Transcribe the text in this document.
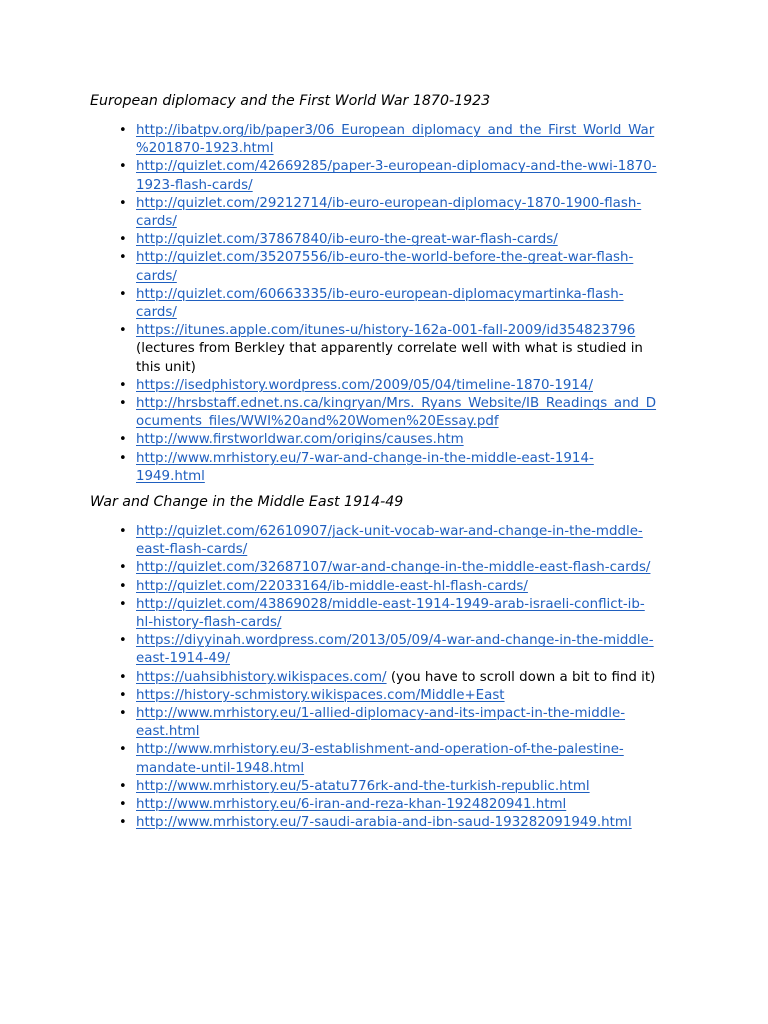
European diplomacy and the First World War 1870-1923
• http://ibatpv.org/ib/paper3/06_European_diplomacy_and_the_First_World_War
%201870-1923.html
• http://quizlet.com/42669285/paper-3-european-diplomacy-and-the-wwi-1870-
1923-flash-cards/
• http://quizlet.com/29212714/ib-euro-european-diplomacy-1870-1900-flash-
cards/
• http://quizlet.com/37867840/ib-euro-the-great-war-flash-cards/
• http://quizlet.com/35207556/ib-euro-the-world-before-the-great-war-flash-
cards/
• http://quizlet.com/60663335/ib-euro-european-diplomacymartinka-flash-
cards/
• https://itunes.apple.com/itunes-u/history-162a-001-fall-2009/id354823796
(lectures from Berkley that apparently correlate well with what is studied in
this unit)
• https://isedphistory.wordpress.com/2009/05/04/timeline-1870-1914/
• http://hrsbstaff.ednet.ns.ca/kingryan/Mrs._Ryans_Website/IB_Readings_and_D
ocuments_files/WWI%20and%20Women%20Essay.pdf
• http://www.firstworldwar.com/origins/causes.htm
• http://www.mrhistory.eu/7-war-and-change-in-the-middle-east-1914-
1949.html
War and Change in the Middle East 1914-49
• http://quizlet.com/62610907/jack-unit-vocab-war-and-change-in-the-mddle-
east-flash-cards/
• http://quizlet.com/32687107/war-and-change-in-the-middle-east-flash-cards/
• http://quizlet.com/22033164/ib-middle-east-hl-flash-cards/
• http://quizlet.com/43869028/middle-east-1914-1949-arab-israeli-conflict-ib-
hl-history-flash-cards/
• https://diyyinah.wordpress.com/2013/05/09/4-war-and-change-in-the-middle-
east-1914-49/
• https://uahsibhistory.wikispaces.com/ (you have to scroll down a bit to find it)
• https://history-schmistory.wikispaces.com/Middle+East
• http://www.mrhistory.eu/1-allied-diplomacy-and-its-impact-in-the-middle-
east.html
• http://www.mrhistory.eu/3-establishment-and-operation-of-the-palestine-
mandate-until-1948.html
• http://www.mrhistory.eu/5-atatu776rk-and-the-turkish-republic.html
• http://www.mrhistory.eu/6-iran-and-reza-khan-1924820941.html
• http://www.mrhistory.eu/7-saudi-arabia-and-ibn-saud-193282091949.html
